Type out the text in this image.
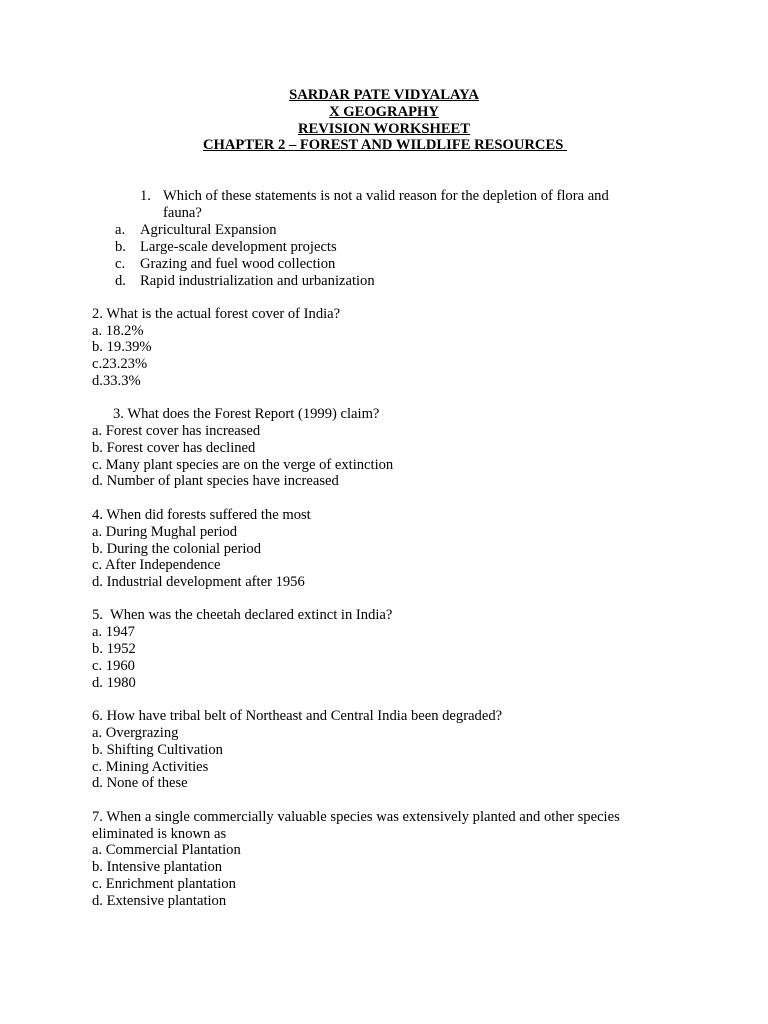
SARDAR PATE VIDYALAYA
X GEOGRAPHY
REVISION WORKSHEET
CHAPTER 2 – FOREST AND WILDLIFE RESOURCES
1. Which of these statements is not a valid reason for the depletion of flora and
fauna?
a. Agricultural Expansion
b. Large-scale development projects
c. Grazing and fuel wood collection
d. Rapid industrialization and urbanization
2. What is the actual forest cover of India?
a. 18.2%
b. 19.39%
c.23.23%
d.33.3%
3. What does the Forest Report (1999) claim?
a. Forest cover has increased
b. Forest cover has declined
c. Many plant species are on the verge of extinction
d. Number of plant species have increased
4. When did forests suffered the most
a. During Mughal period
b. During the colonial period
c. After Independence
d. Industrial development after 1956
5.  When was the cheetah declared extinct in India?
a. 1947
b. 1952
c. 1960
d. 1980
6. How have tribal belt of Northeast and Central India been degraded?
a. Overgrazing
b. Shifting Cultivation
c. Mining Activities
d. None of these
7. When a single commercially valuable species was extensively planted and other species
eliminated is known as
a. Commercial Plantation
b. Intensive plantation
c. Enrichment plantation
d. Extensive plantation
